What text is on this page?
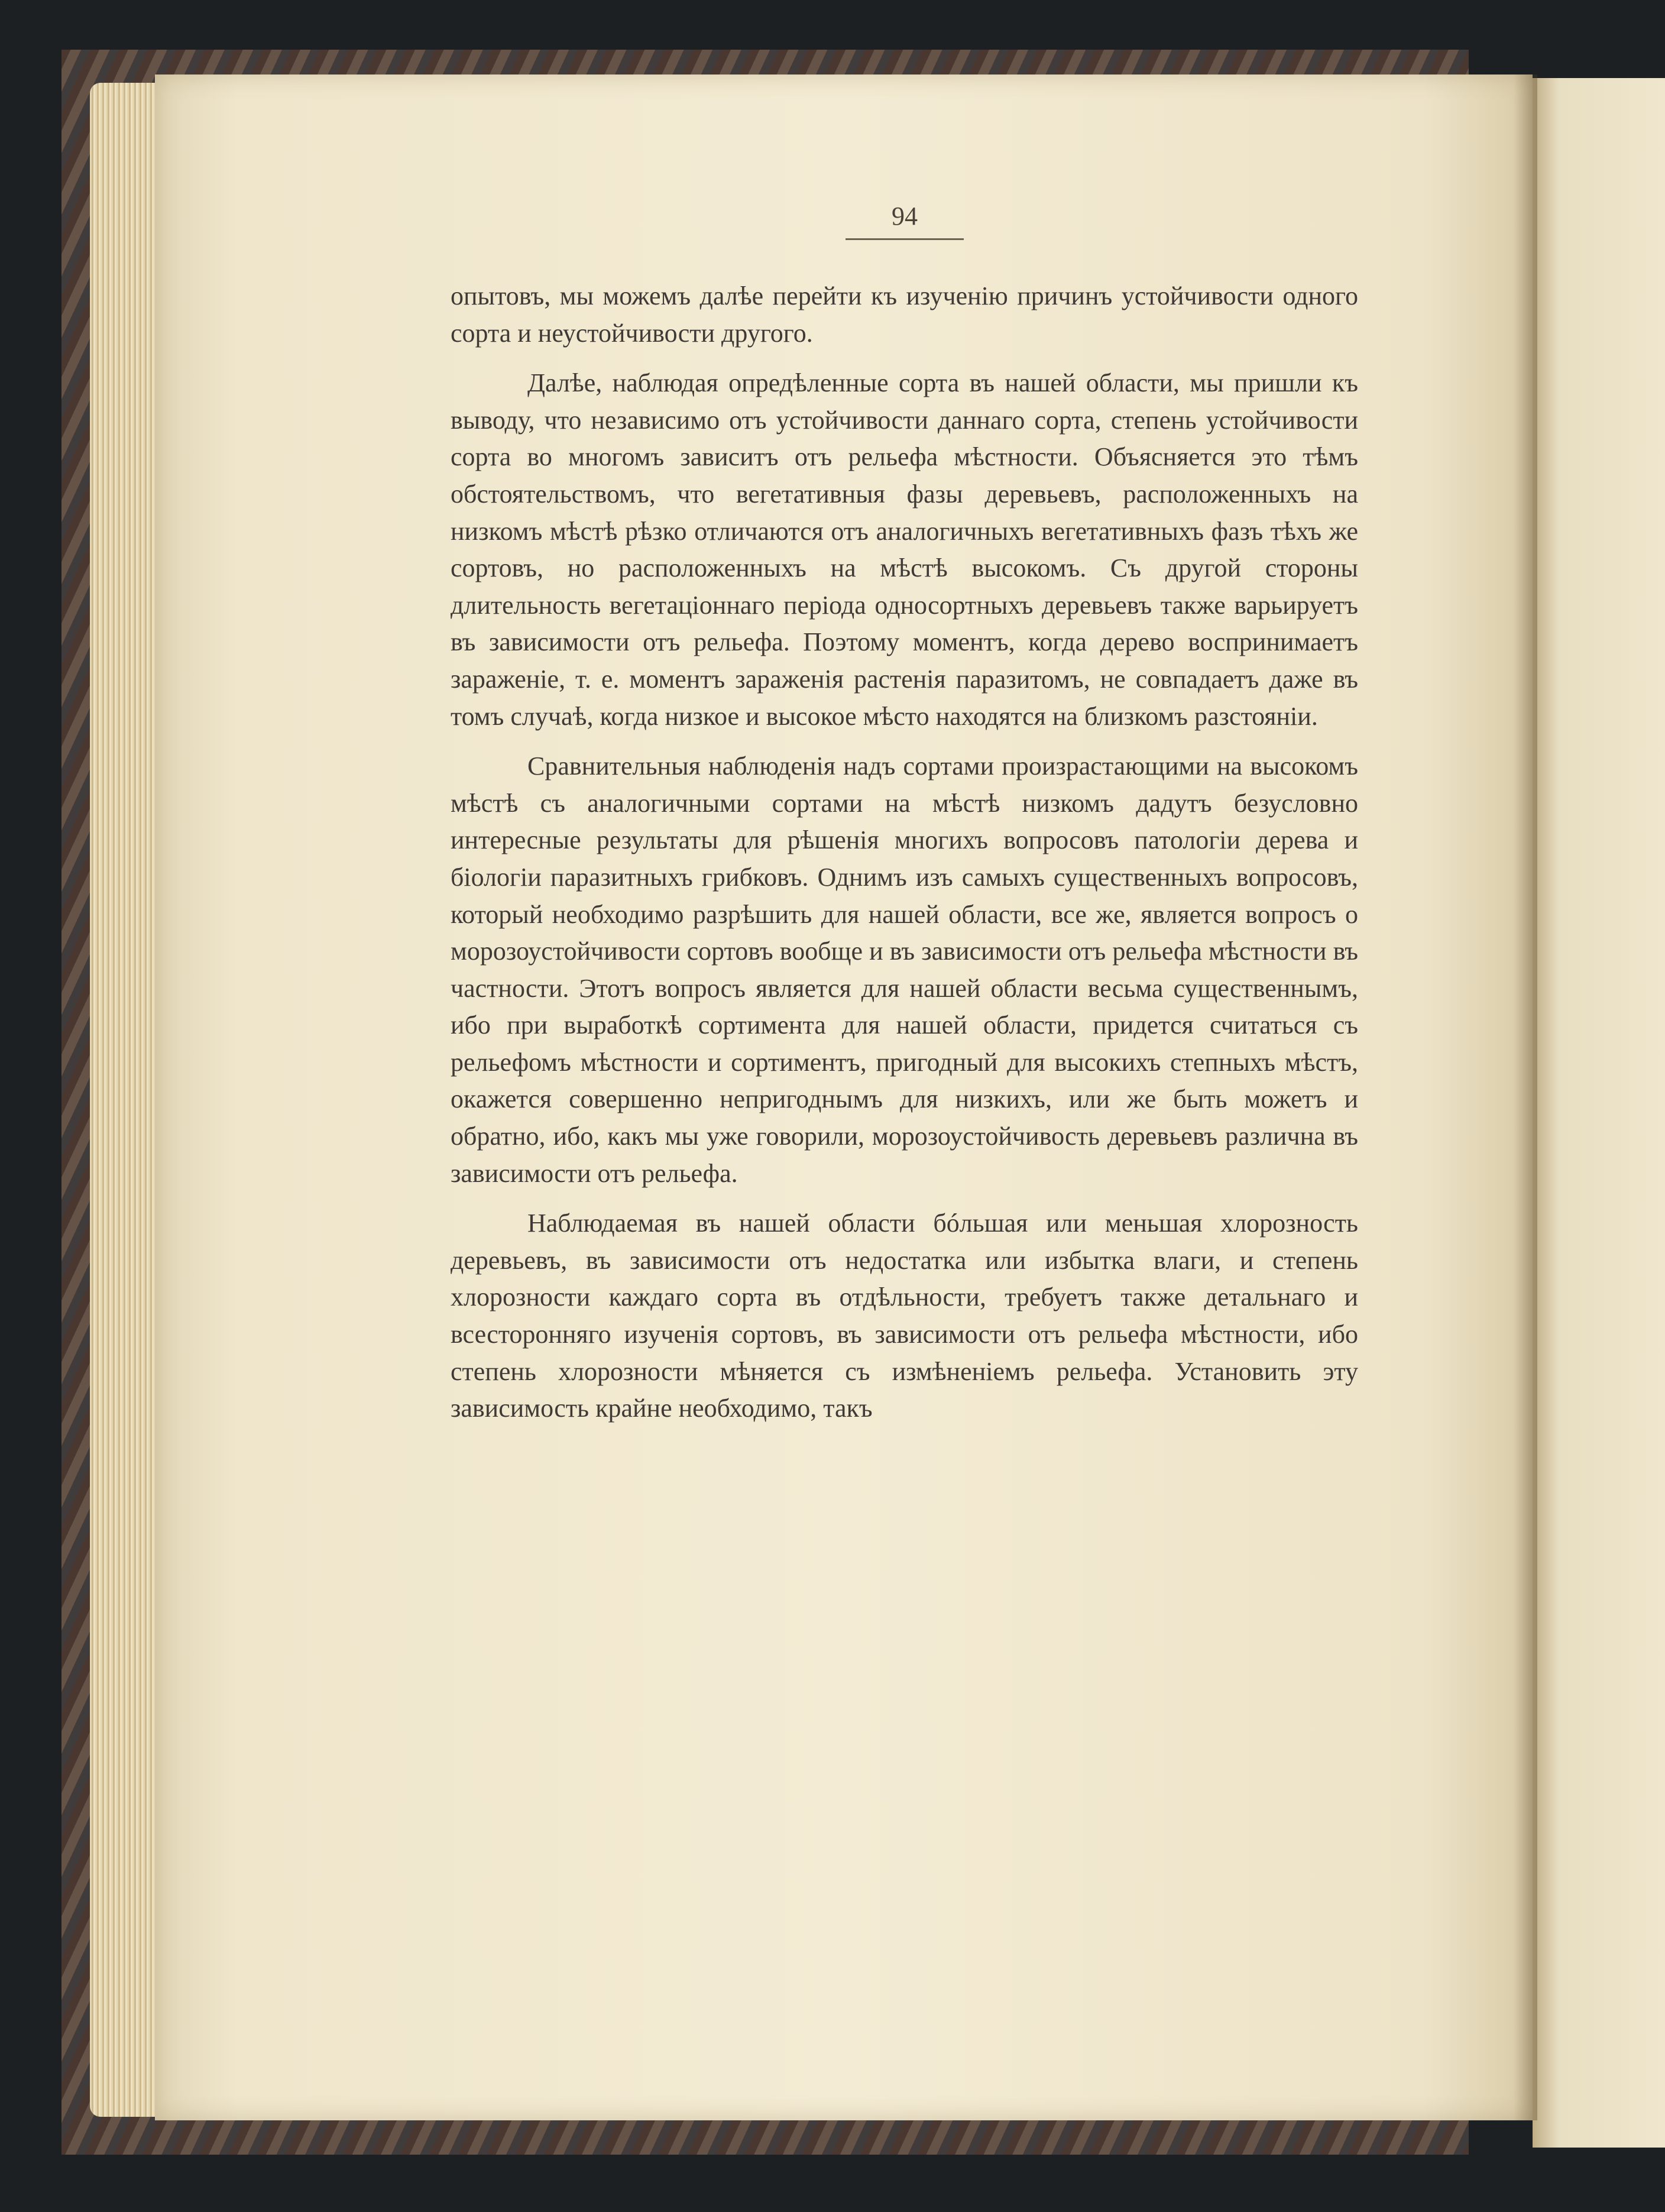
94

опытовъ, мы можемъ далѣе перейти къ изученію причинъ устойчивости одного сорта и неустойчивости другого.

Далѣе, наблюдая опредѣленные сорта въ нашей области, мы пришли къ выводу, что независимо отъ устойчивости даннаго сорта, степень устойчивости сорта во многомъ зависитъ отъ рельефа мѣстности. Объясняется это тѣмъ обстоятельствомъ, что вегетативныя фазы деревьевъ, расположенныхъ на низкомъ мѣстѣ рѣзко отличаются отъ аналогичныхъ вегетативныхъ фазъ тѣхъ же сортовъ, но расположенныхъ на мѣстѣ высокомъ. Съ другой стороны длительность вегетаціоннаго періода односортныхъ деревьевъ также варьируетъ въ зависимости отъ рельефа. Поэтому моментъ, когда дерево воспринимаетъ зараженіе, т. е. моментъ зараженія растенія паразитомъ, не совпадаетъ даже въ томъ случаѣ, когда низкое и высокое мѣсто находятся на близкомъ разстояніи.

Сравнительныя наблюденія надъ сортами произрастающими на высокомъ мѣстѣ съ аналогичными сортами на мѣстѣ низкомъ дадутъ безусловно интересные результаты для рѣшенія многихъ вопросовъ патологіи дерева и біологіи паразитныхъ грибковъ. Однимъ изъ самыхъ существенныхъ вопросовъ, который необходимо разрѣшить для нашей области, все же, является вопросъ о морозоустойчивости сортовъ вообще и въ зависимости отъ рельефа мѣстности въ частности. Этотъ вопросъ является для нашей области весьма существеннымъ, ибо при выработкѣ сортимента для нашей области, придется считаться съ рельефомъ мѣстности и сортиментъ, пригодный для высокихъ степныхъ мѣстъ, окажется совершенно непригоднымъ для низкихъ, или же быть можетъ и обратно, ибо, какъ мы уже говорили, морозоустойчивость деревьевъ различна въ зависимости отъ рельефа.

Наблюдаемая въ нашей области бóльшая или меньшая хлорозность деревьевъ, въ зависимости отъ недостатка или избытка влаги, и степень хлорозности каждаго сорта въ отдѣльности, требуетъ также детальнаго и всесторонняго изученія сортовъ, въ зависимости отъ рельефа мѣстности, ибо степень хлорозности мѣняется съ измѣненіемъ рельефа. Установить эту зависимость крайне необходимо, такъ
